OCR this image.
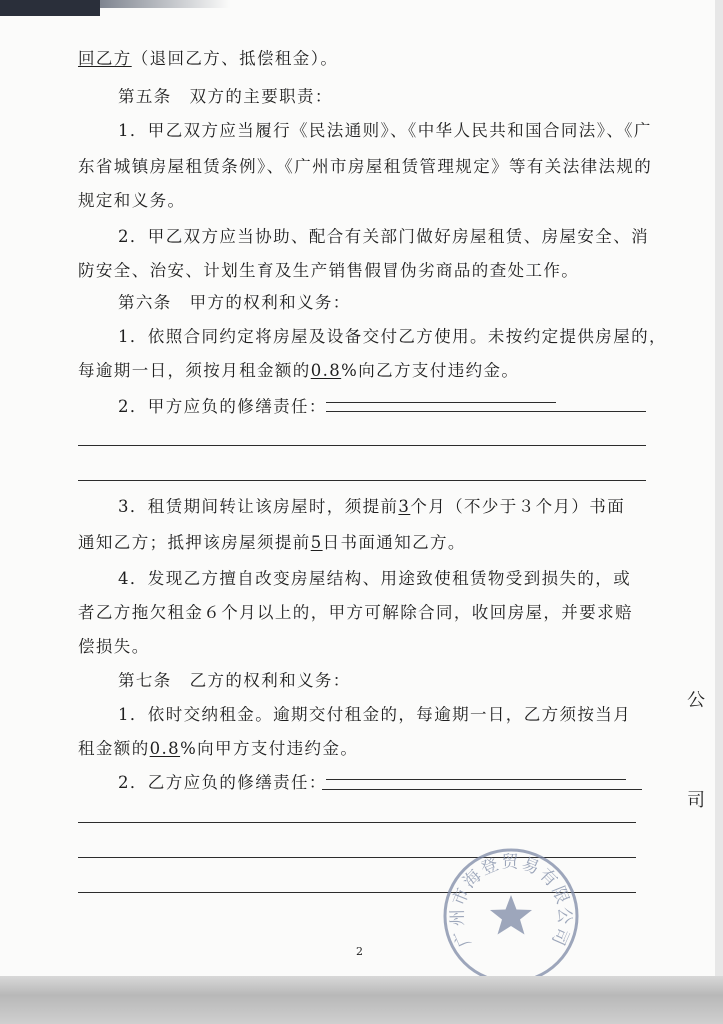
回乙方（退回乙方、抵偿租金）。
第五条　双方的主要职责：
1．甲乙双方应当履行《民法通则》、《中华人民共和国合同法》、《广
东省城镇房屋租赁条例》、《广州市房屋租赁管理规定》等有关法律法规的
规定和义务。
2．甲乙双方应当协助、配合有关部门做好房屋租赁、房屋安全、消
防安全、治安、计划生育及生产销售假冒伪劣商品的查处工作。
第六条　甲方的权利和义务：
1．依照合同约定将房屋及设备交付乙方使用。未按约定提供房屋的，
每逾期一日，须按月租金额的0.8%向乙方支付违约金。
2．甲方应负的修缮责任：
3．租赁期间转让该房屋时，须提前3个月（不少于３个月）书面
通知乙方；抵押该房屋须提前5日书面通知乙方。
4．发现乙方擅自改变房屋结构、用途致使租赁物受到损失的，或
者乙方拖欠租金６个月以上的，甲方可解除合同，收回房屋，并要求赔
偿损失。
第七条　乙方的权利和义务：
1．依时交纳租金。逾期交付租金的，每逾期一日，乙方须按当月
租金额的0.8%向甲方支付违约金。
2．乙方应负的修缮责任：
公
司
广州市海登贸易有限公司
2
